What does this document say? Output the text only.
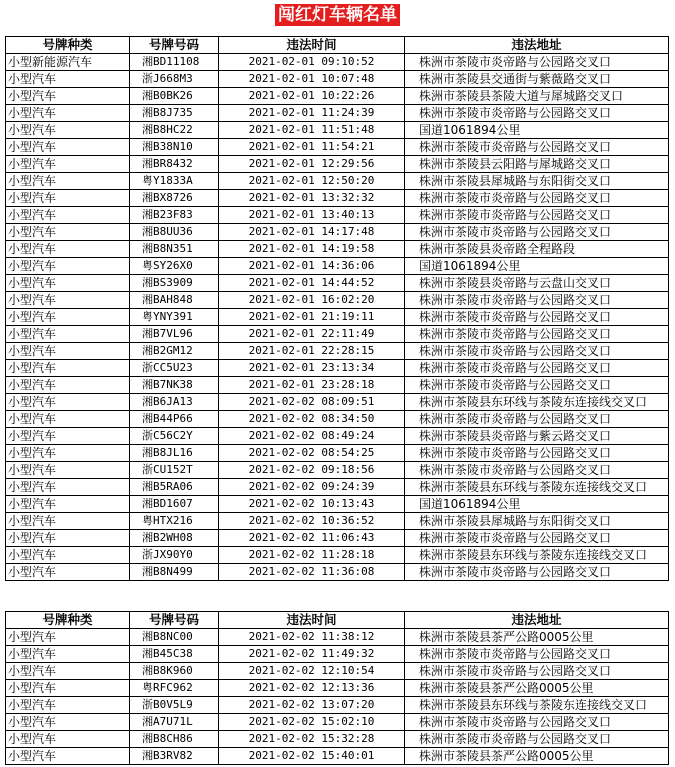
闯红灯车辆名单
号牌种类	号牌号码	违法时间	违法地址
小型新能源汽车	湘BD11108	2021-02-01 09:10:52	株洲市茶陵市炎帝路与公园路交叉口
小型汽车	浙J668M3	2021-02-01 10:07:48	株洲市茶陵县交通街与紫薇路交叉口
小型汽车	湘B0BK26	2021-02-01 10:22:26	株洲市茶陵县茶陵大道与犀城路交叉口
小型汽车	湘B8J735	2021-02-01 11:24:39	株洲市茶陵市炎帝路与公园路交叉口
小型汽车	湘B8HC22	2021-02-01 11:51:48	国道1061894公里
小型汽车	湘B38N10	2021-02-01 11:54:21	株洲市茶陵市炎帝路与公园路交叉口
小型汽车	湘BR8432	2021-02-01 12:29:56	株洲市茶陵县云阳路与犀城路交叉口
小型汽车	粤Y1833A	2021-02-01 12:50:20	株洲市茶陵县犀城路与东阳街交叉口
小型汽车	湘BX8726	2021-02-01 13:32:32	株洲市茶陵市炎帝路与公园路交叉口
小型汽车	湘B23F83	2021-02-01 13:40:13	株洲市茶陵市炎帝路与公园路交叉口
小型汽车	湘B8UU36	2021-02-01 14:17:48	株洲市茶陵市炎帝路与公园路交叉口
小型汽车	湘B8N351	2021-02-01 14:19:58	株洲市茶陵县炎帝路全程路段
小型汽车	粤SY26X0	2021-02-01 14:36:06	国道1061894公里
小型汽车	湘BS3909	2021-02-01 14:44:52	株洲市茶陵县炎帝路与云盘山交叉口
小型汽车	湘BAH848	2021-02-01 16:02:20	株洲市茶陵市炎帝路与公园路交叉口
小型汽车	粤YNY391	2021-02-01 21:19:11	株洲市茶陵市炎帝路与公园路交叉口
小型汽车	湘B7VL96	2021-02-01 22:11:49	株洲市茶陵市炎帝路与公园路交叉口
小型汽车	湘B2GM12	2021-02-01 22:28:15	株洲市茶陵市炎帝路与公园路交叉口
小型汽车	浙CC5U23	2021-02-01 23:13:34	株洲市茶陵市炎帝路与公园路交叉口
小型汽车	湘B7NK38	2021-02-01 23:28:18	株洲市茶陵市炎帝路与公园路交叉口
小型汽车	湘B6JA13	2021-02-02 08:09:51	株洲市茶陵县东环线与茶陵东连接线交叉口
小型汽车	湘B44P66	2021-02-02 08:34:50	株洲市茶陵市炎帝路与公园路交叉口
小型汽车	浙C56C2Y	2021-02-02 08:49:24	株洲市茶陵县炎帝路与紫云路交叉口
小型汽车	湘B8JL16	2021-02-02 08:54:25	株洲市茶陵市炎帝路与公园路交叉口
小型汽车	浙CU152T	2021-02-02 09:18:56	株洲市茶陵市炎帝路与公园路交叉口
小型汽车	湘B5RA06	2021-02-02 09:24:39	株洲市茶陵县东环线与茶陵东连接线交叉口
小型汽车	湘BD1607	2021-02-02 10:13:43	国道1061894公里
小型汽车	粤HTX216	2021-02-02 10:36:52	株洲市茶陵县犀城路与东阳街交叉口
小型汽车	湘B2WH08	2021-02-02 11:06:43	株洲市茶陵市炎帝路与公园路交叉口
小型汽车	浙JX90Y0	2021-02-02 11:28:18	株洲市茶陵县东环线与茶陵东连接线交叉口
小型汽车	湘B8N499	2021-02-02 11:36:08	株洲市茶陵市炎帝路与公园路交叉口
号牌种类	号牌号码	违法时间	违法地址
小型汽车	湘B8NC00	2021-02-02 11:38:12	株洲市茶陵县茶严公路0005公里
小型汽车	湘B45C38	2021-02-02 11:49:32	株洲市茶陵市炎帝路与公园路交叉口
小型汽车	湘B8K960	2021-02-02 12:10:54	株洲市茶陵市炎帝路与公园路交叉口
小型汽车	粤RFC962	2021-02-02 12:13:36	株洲市茶陵县茶严公路0005公里
小型汽车	浙B0V5L9	2021-02-02 13:07:20	株洲市茶陵县东环线与茶陵东连接线交叉口
小型汽车	湘A7U71L	2021-02-02 15:02:10	株洲市茶陵市炎帝路与公园路交叉口
小型汽车	湘B8CH86	2021-02-02 15:32:28	株洲市茶陵市炎帝路与公园路交叉口
小型汽车	湘B3RV82	2021-02-02 15:40:01	株洲市茶陵县茶严公路0005公里
